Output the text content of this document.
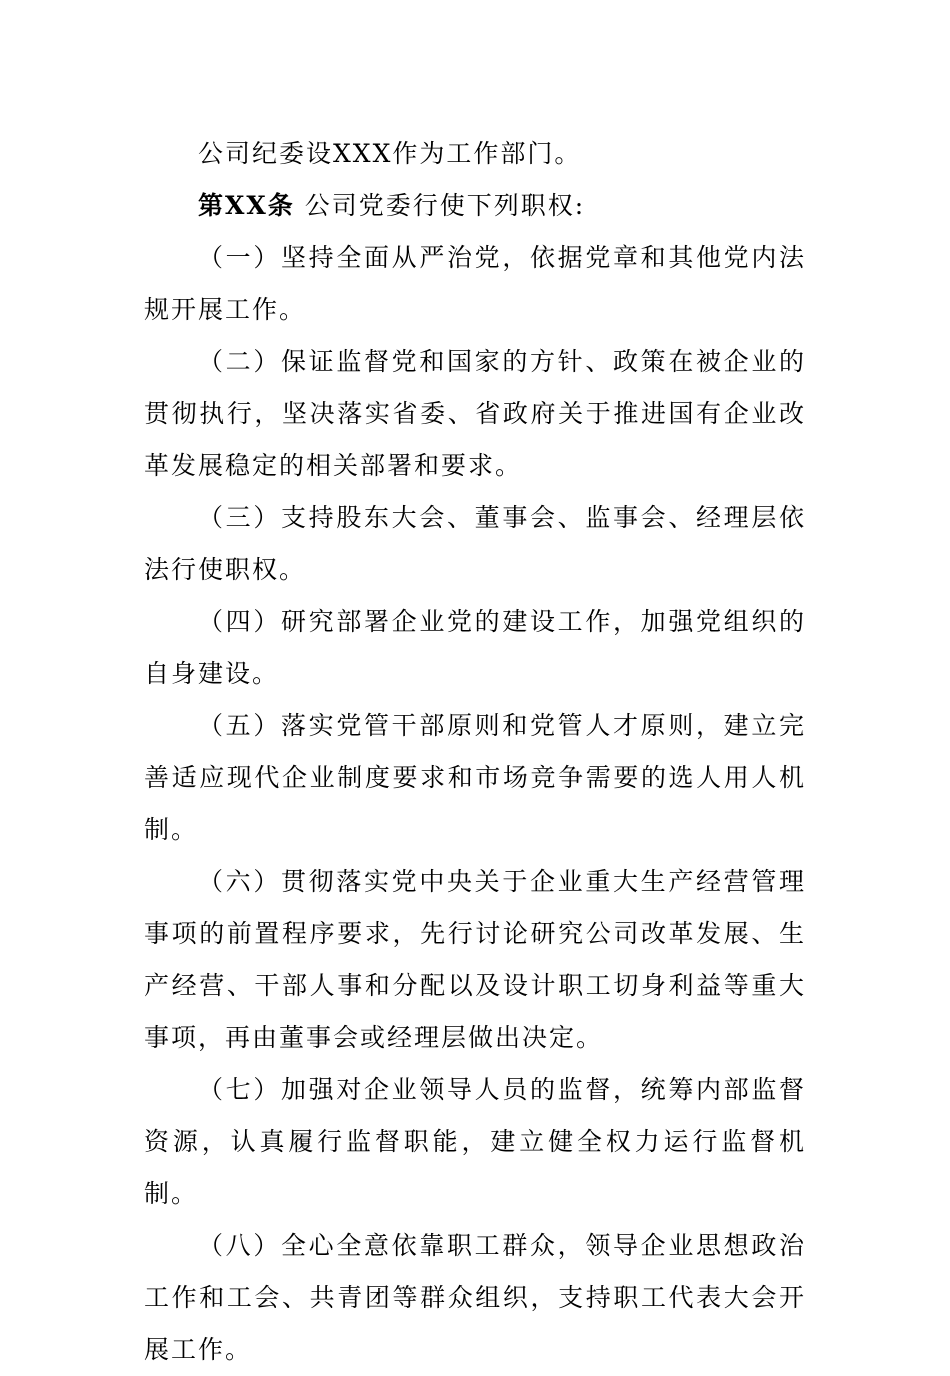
公司纪委设XXX作为工作部门。

第XX条 公司党委行使下列职权:

（一）坚持全面从严治党，依据党章和其他党内法规开展工作。

（二）保证监督党和国家的方针、政策在被企业的贯彻执行，坚决落实省委、省政府关于推进国有企业改革发展稳定的相关部署和要求。

（三）支持股东大会、董事会、监事会、经理层依法行使职权。

（四）研究部署企业党的建设工作，加强党组织的自身建设。

（五）落实党管干部原则和党管人才原则，建立完善适应现代企业制度要求和市场竞争需要的选人用人机制。

（六）贯彻落实党中央关于企业重大生产经营管理事项的前置程序要求，先行讨论研究公司改革发展、生产经营、干部人事和分配以及设计职工切身利益等重大事项，再由董事会或经理层做出决定。

（七）加强对企业领导人员的监督，统筹内部监督资源，认真履行监督职能，建立健全权力运行监督机制。

（八）全心全意依靠职工群众，领导企业思想政治工作和工会、共青团等群众组织，支持职工代表大会开展工作。
